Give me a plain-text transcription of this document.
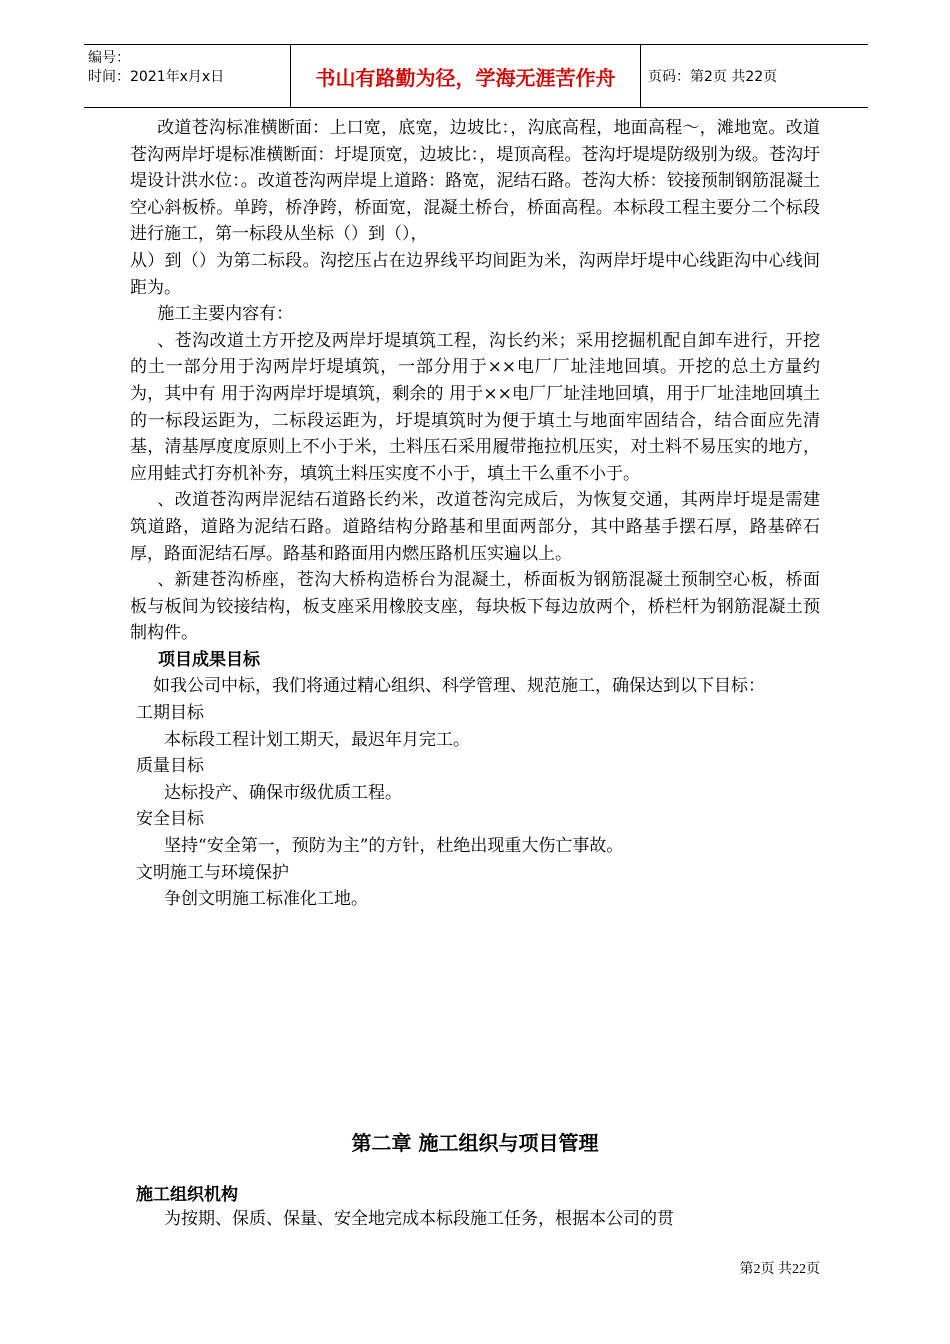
编号：
时间：2021年x月x日	书山有路勤为径，学海无涯苦作舟	页码：第2页 共22页

改道苍沟标准横断面：上口宽，底宽，边坡比：，沟底高程，地面高程～，滩地宽。改道苍沟两岸圩堤标准横断面：圩堤顶宽，边坡比：，堤顶高程。苍沟圩堤堤防级别为级。苍沟圩堤设计洪水位：。改道苍沟两岸堤上道路：路宽，泥结石路。苍沟大桥：铰接预制钢筋混凝土空心斜板桥。单跨，桥净跨，桥面宽，混凝土桥台，桥面高程。本标段工程主要分二个标段进行施工，第一标段从坐标（）到（），

从）到（）为第二标段。沟挖压占在边界线平均间距为米，沟两岸圩堤中心线距沟中心线间距为。

施工主要内容有：

、苍沟改道土方开挖及两岸圩堤填筑工程，沟长约米；采用挖掘机配自卸车进行，开挖的土一部分用于沟两岸圩堤填筑，一部分用于××电厂厂址洼地回填。开挖的总土方量约为，其中有 用于沟两岸圩堤填筑，剩余的 用于××电厂厂址洼地回填，用于厂址洼地回填土的一标段运距为，二标段运距为，圩堤填筑时为便于填土与地面牢固结合，结合面应先清基，清基厚度度原则上不小于米，土料压石采用履带拖拉机压实，对土料不易压实的地方，应用蛙式打夯机补夯，填筑土料压实度不小于，填土干么重不小于。

、改道苍沟两岸泥结石道路长约米，改道苍沟完成后，为恢复交通，其两岸圩堤是需建筑道路，道路为泥结石路。道路结构分路基和里面两部分，其中路基手摆石厚，路基碎石厚，路面泥结石厚。路基和路面用内燃压路机压实遍以上。

、新建苍沟桥座，苍沟大桥构造桥台为混凝土，桥面板为钢筋混凝土预制空心板，桥面板与板间为铰接结构，板支座采用橡胶支座，每块板下每边放两个，桥栏杆为钢筋混凝土预制构件。

项目成果目标

如我公司中标，我们将通过精心组织、科学管理、规范施工，确保达到以下目标：

工期目标

本标段工程计划工期天，最迟年月完工。

质量目标

达标投产、确保市级优质工程。

安全目标

坚持“安全第一，预防为主”的方针，杜绝出现重大伤亡事故。

文明施工与环境保护

争创文明施工标准化工地。

第二章 施工组织与项目管理
施工组织机构

为按期、保质、保量、安全地完成本标段施工任务，根据本公司的贯

第2页 共22页
